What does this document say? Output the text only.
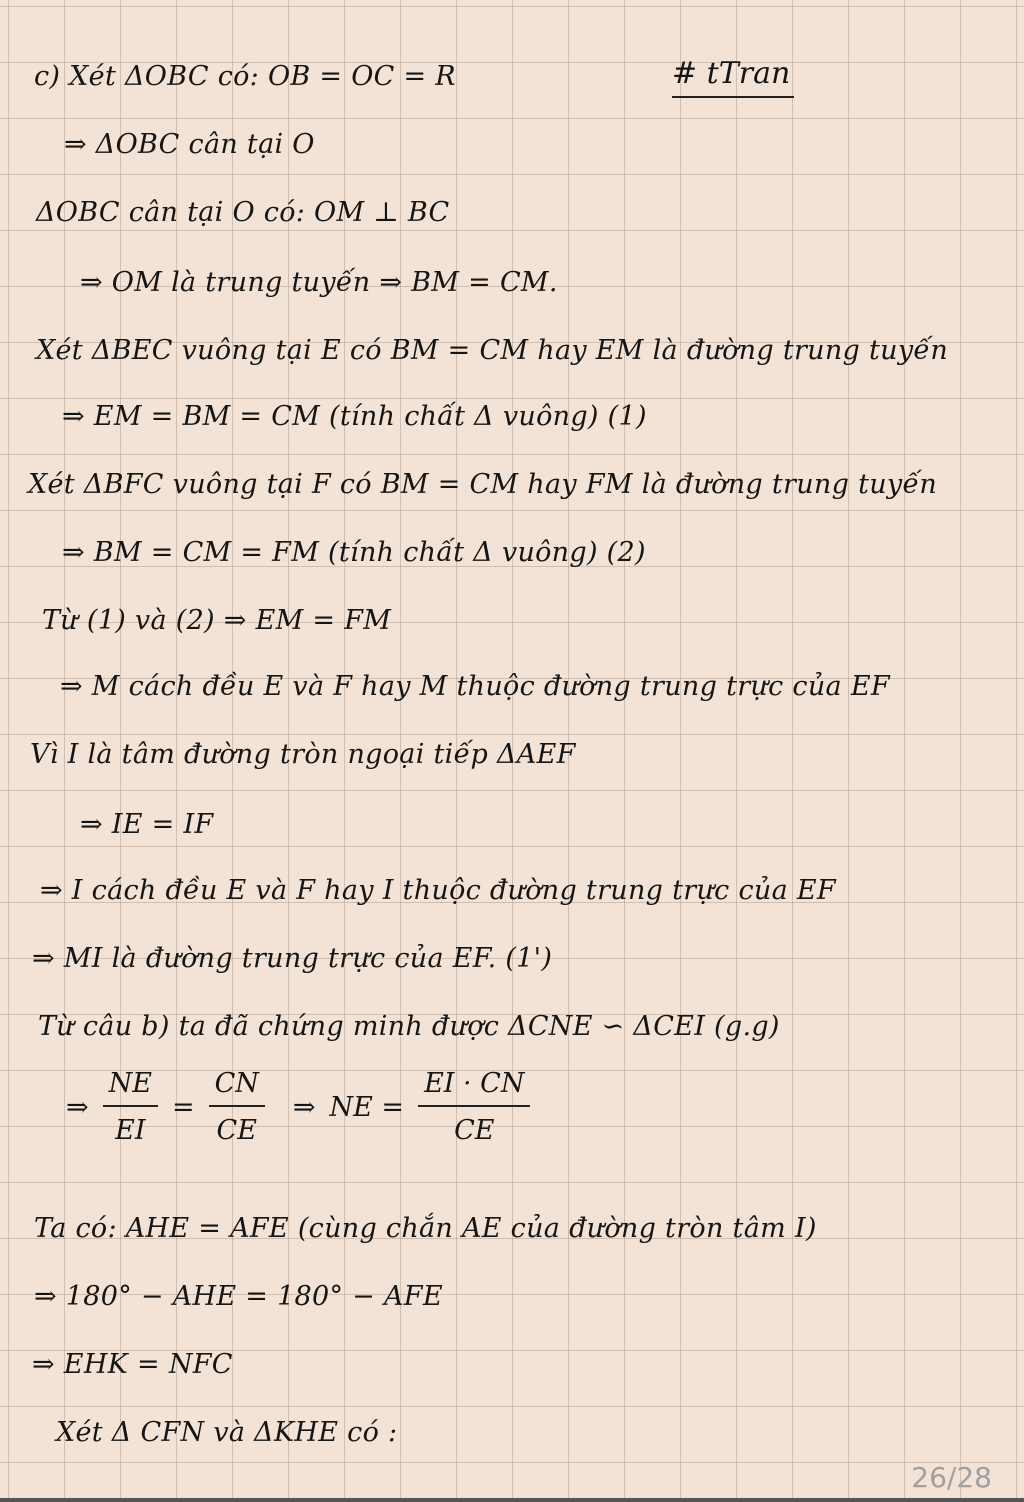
# tTran
c) Xét ΔOBC có: OB = OC = R
⇒ ΔOBC cân tại O
ΔOBC cân tại O có: OM ⊥ BC
⇒ OM là trung tuyến ⇒ BM = CM.
Xét ΔBEC vuông tại E có BM = CM hay EM là đường trung tuyến
⇒ EM = BM = CM (tính chất Δ vuông) (1)
Xét ΔBFC vuông tại F có BM = CM hay FM là đường trung tuyến
⇒ BM = CM = FM (tính chất Δ vuông) (2)
Từ (1) và (2) ⇒ EM = FM
⇒ M cách đều E và F hay M thuộc đường trung trực của EF
Vì I là tâm đường tròn ngoại tiếp ΔAEF
⇒ IE = IF
⇒ I cách đều E và F hay I thuộc đường trung trực của EF
⇒ MI là đường trung trực của EF. (1')
Từ câu b) ta đã chứng minh được ΔCNE ∽ ΔCEI (g.g)
⇒ $\frac{NE}{EI} = \frac{CN}{CE}$ ⇒ NE = $\frac{EI \cdot CN}{CE}$
Ta có: AHE = AFE (cùng chắn AE của đường tròn tâm I)
⇒ 180° − AHE = 180° − AFE
⇒ EHK = NFC
Xét Δ CFN và ΔKHE có :
26/28
